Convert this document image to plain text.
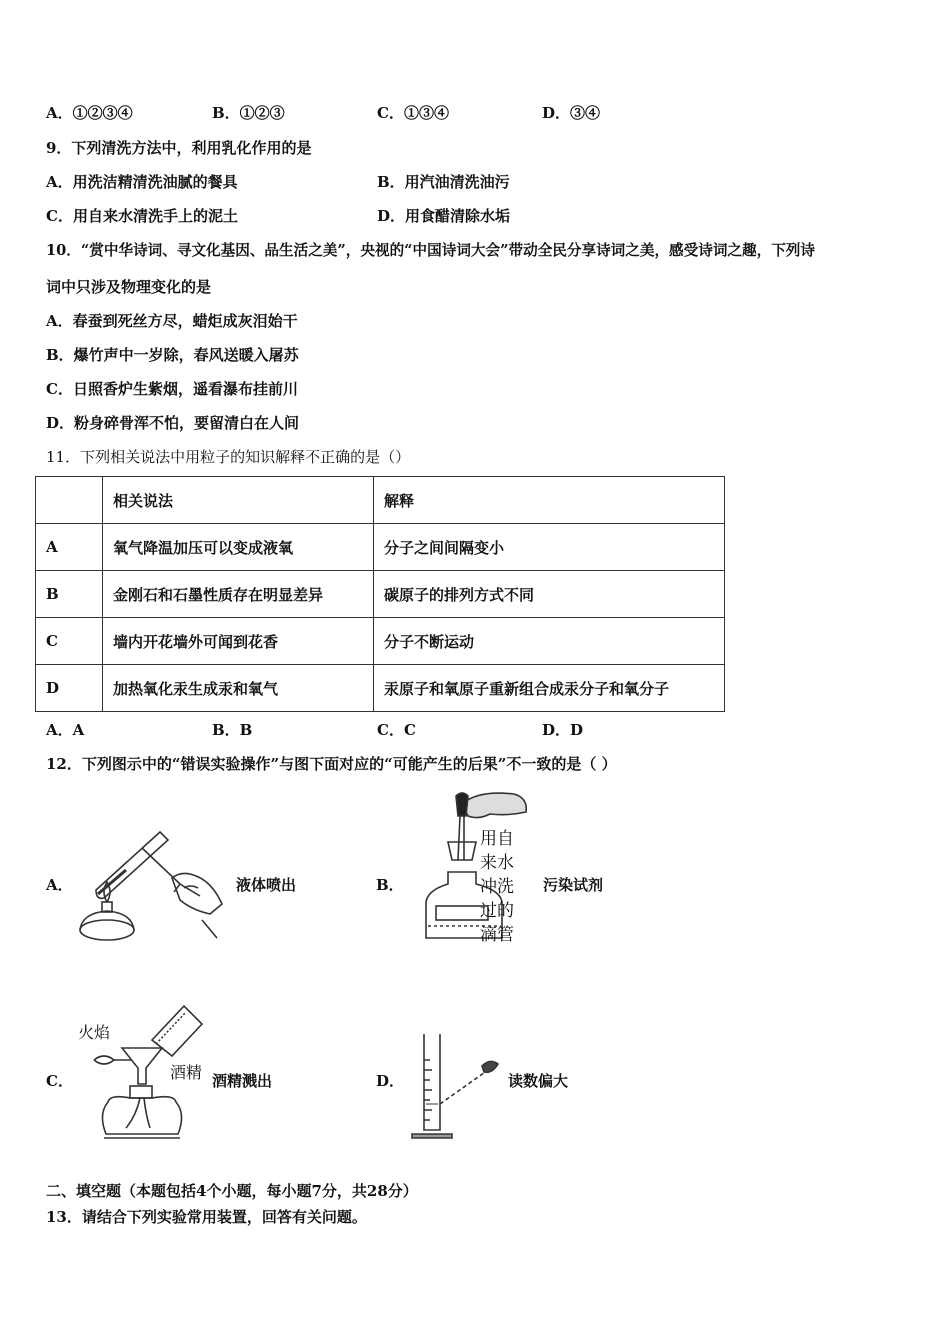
A．①②③④	B．①②③	C．①③④	D．③④
9．下列清洗方法中，利用乳化作用的是
A．用洗洁精清洗油腻的餐具	B．用汽油清洗油污
C．用自来水清洗手上的泥土	D．用食醋清除水垢
10．“赏中华诗词、寻文化基因、品生活之美”，央视的“中国诗词大会”带动全民分享诗词之美，感受诗词之趣，下列诗
词中只涉及物理变化的是
A．春蚕到死丝方尽，蜡炬成灰泪始干
B．爆竹声中一岁除，春风送暖入屠苏
C．日照香炉生紫烟，遥看瀑布挂前川
D．粉身碎骨浑不怕，要留清白在人间
11．下列相关说法中用粒子的知识解释不正确的是（）
	相关说法	解释
A	氧气降温加压可以变成液氧	分子之间间隔变小
B	金刚石和石墨性质存在明显差异	碳原子的排列方式不同
C	墙内开花墙外可闻到花香	分子不断运动
D	加热氧化汞生成汞和氧气	汞原子和氧原子重新组合成汞分子和氧分子
A．A	B．B	C．C	D．D
12．下列图示中的“错误实验操作”与图下面对应的“可能产生的后果”不一致的是（ ）
A．	液体喷出	B．
用自
来水
冲洗
过的
滴管
污染试剂
C．
火焰
酒精 酒精溅出	D．	读数偏大
二、填空题（本题包括4个小题，每小题7分，共28分）
13．请结合下列实验常用装置，回答有关问题。
